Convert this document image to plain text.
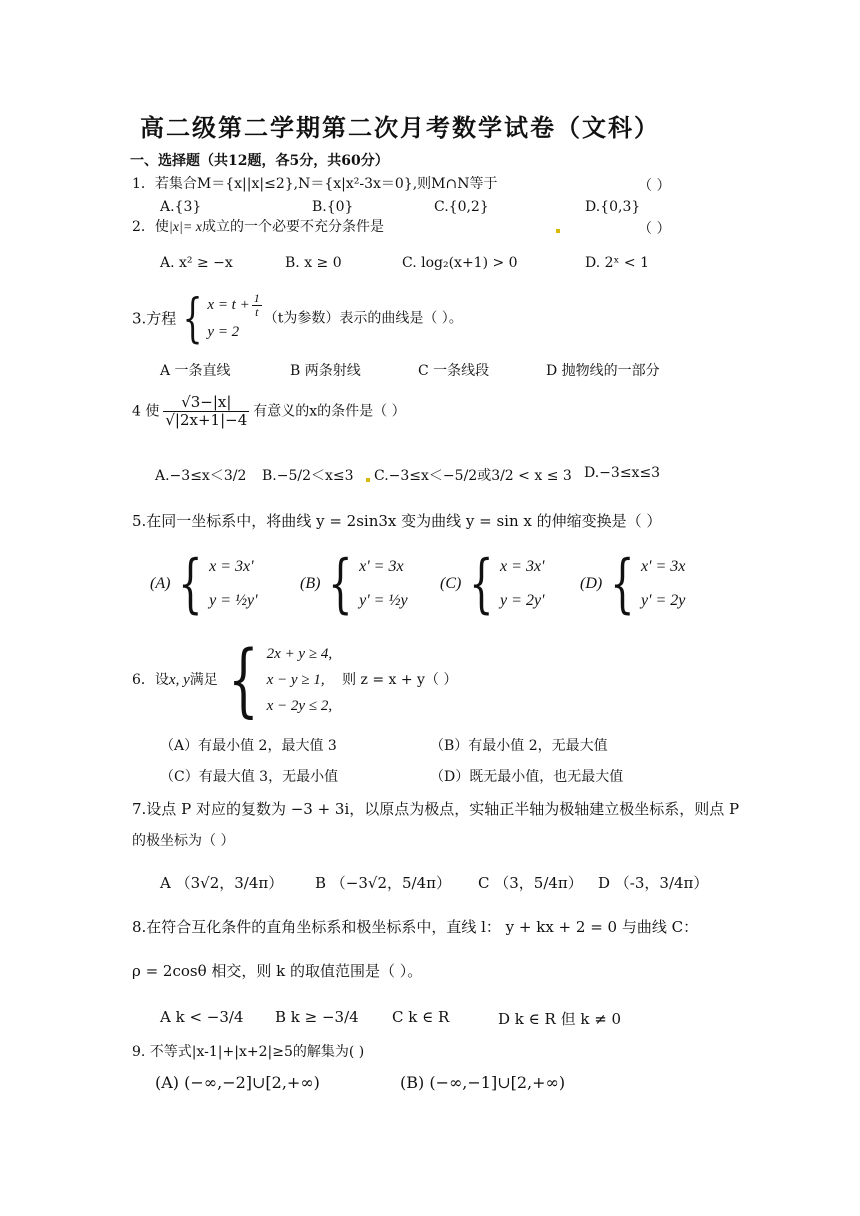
高二级第二学期第二次月考数学试卷（文科）
一、选择题（共12题，各5分，共60分）
1．若集合M＝{x||x|≤2},N＝{x|x²-3x＝0},则M∩N等于	（ ）
A.{3}	B.{0}	C.{0,2}	D.{0,3}
2．使|x|= x成立的一个必要不充分条件是	（ ）
A. x² ≥ −x	B. x ≥ 0	C. log₂(x+1) > 0	D. 2ˣ < 1
3.方程 { $x = t + \frac{1}{t}$
y = 2
（t为参数）表示的曲线是（ ）。
A 一条直线	B 两条射线	C 一条线段	D 抛物线的一部分
4 使 $\frac{√3-|x|}{√|2x+1|-4}$ 有意义的x的条件是（ ）
A.−3≤x＜3/2 B.−5/2＜x≤3 C.−3≤x＜−5/2或3/2 < x ≤ 3 D.−3≤x≤3
5.在同一坐标系中，将曲线 y = 2sin3x 变为曲线 y = sin x 的伸缩变换是（ ）
(A) { x = 3x'
y = ½y'
(B) { x' = 3x
y' = ½y
(C) { x = 3x'
y = 2y'
(D) { x' = 3x
y' = 2y
6．设x, y满足 { 2x + y ≥ 4,
x − y ≥ 1,
x − 2y ≤ 2,
则 z = x + y（ ）
（A）有最小值 2，最大值 3	（B）有最小值 2，无最大值
（C）有最大值 3，无最小值	（D）既无最小值，也无最大值
7.设点 P 对应的复数为 −3 + 3i，以原点为极点，实轴正半轴为极轴建立极坐标系，则点 P
的极坐标为（ ）
A （3√2，3/4π） B （−3√2，5/4π） C （3，5/4π） D （-3，3/4π）
8.在符合互化条件的直角坐标系和极坐标系中，直线 l： y + kx + 2 = 0 与曲线 C：
ρ = 2cosθ 相交，则 k 的取值范围是（ ）。
A k < −3/4 B k ≥ −3/4 C k ∈ R	D k ∈ R 但 k ≠ 0
9. 不等式|x-1|+|x+2|≥5的解集为( )
(A) (−∞,−2]∪[2,+∞)	(B) (−∞,−1]∪[2,+∞)
